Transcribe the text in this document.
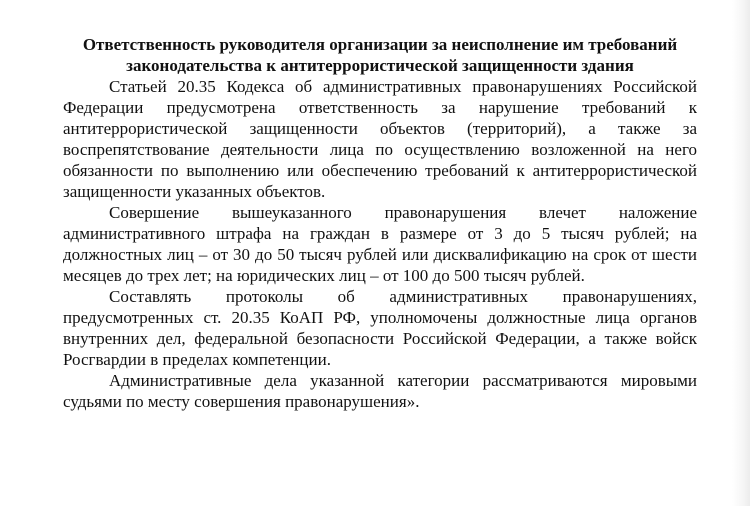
Ответственность руководителя организации за неисполнение им требований законодательства к антитеррористической защищенности здания

Статьей 20.35 Кодекса об административных правонарушениях Российской Федерации предусмотрена ответственность за нарушение требований к антитеррористической защищенности объектов (территорий), а также за воспрепятствование деятельности лица по осуществлению возложенной на него обязанности по выполнению или обеспечению требований к антитеррористической защищенности указанных объектов.

Совершение вышеуказанного правонарушения влечет наложение административного штрафа на граждан в размере от 3 до 5 тысяч рублей; на должностных лиц – от 30 до 50 тысяч рублей или дисквалификацию на срок от шести месяцев до трех лет; на юридических лиц – от 100 до 500 тысяч рублей.

Составлять протоколы об административных правонарушениях, предусмотренных ст. 20.35 КоАП РФ, уполномочены должностные лица органов внутренних дел, федеральной безопасности Российской Федерации, а также войск Росгвардии в пределах компетенции.

Административные дела указанной категории рассматриваются мировыми судьями по месту совершения правонарушения».
